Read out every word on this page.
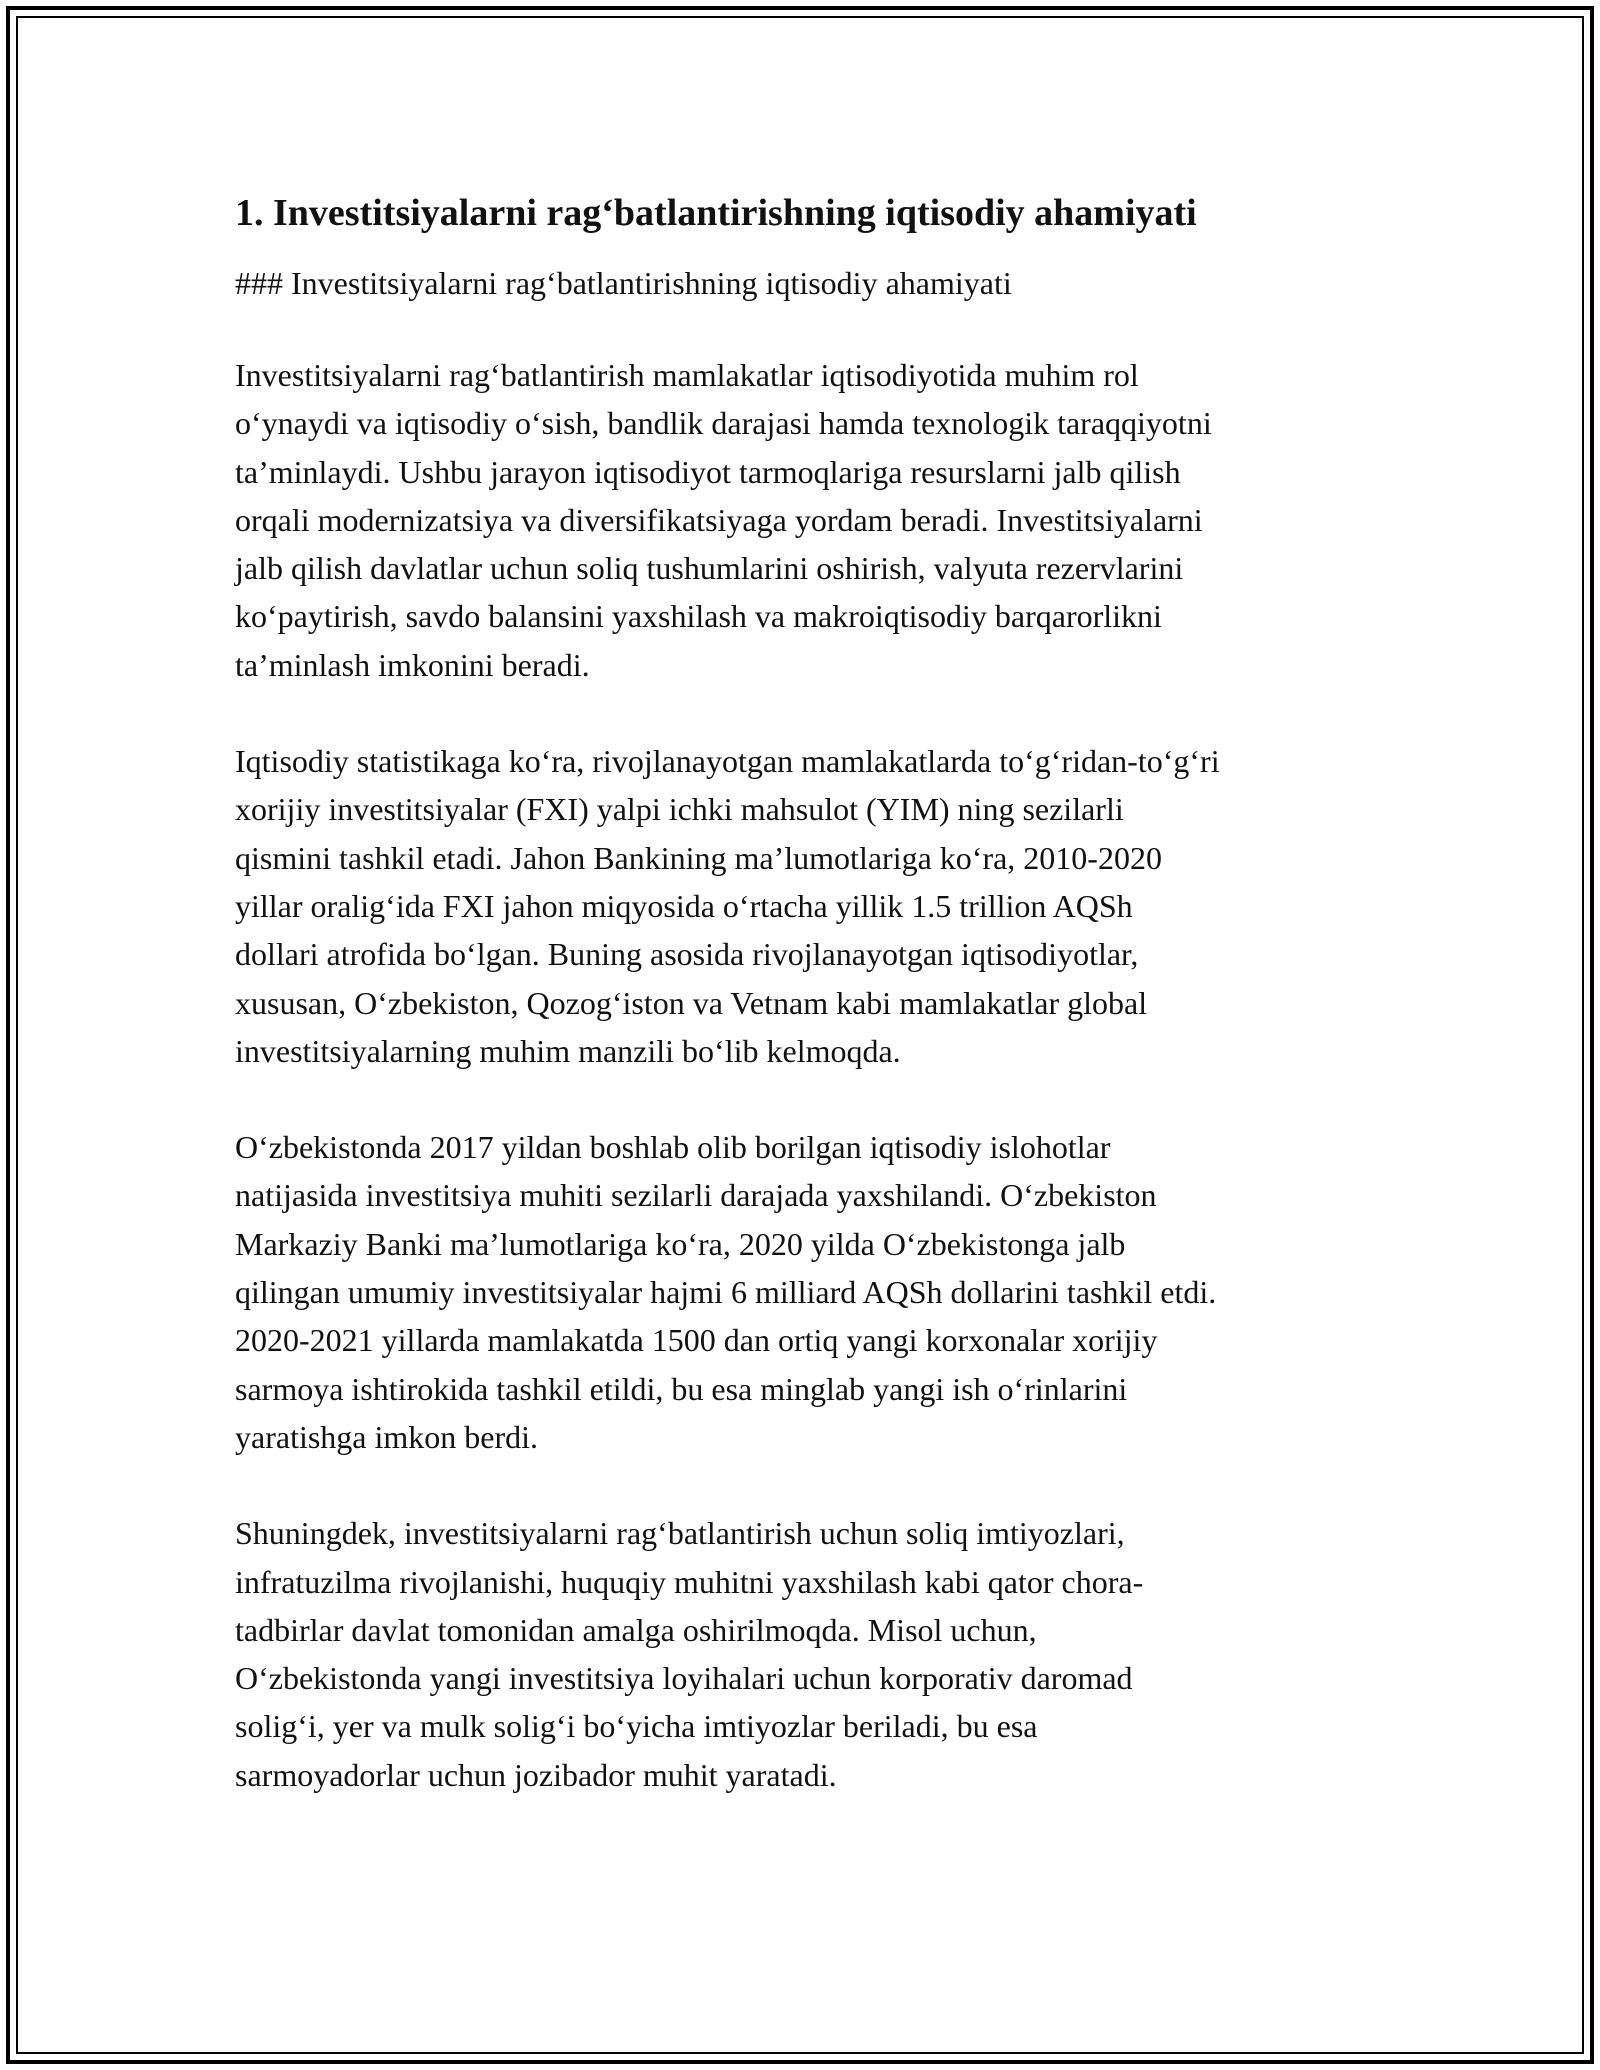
1. Investitsiyalarni rag‘batlantirishning iqtisodiy ahamiyati
### Investitsiyalarni rag‘batlantirishning iqtisodiy ahamiyati

Investitsiyalarni rag‘batlantirish mamlakatlar iqtisodiyotida muhim rol
o‘ynaydi va iqtisodiy o‘sish, bandlik darajasi hamda texnologik taraqqiyotni
ta’minlaydi. Ushbu jarayon iqtisodiyot tarmoqlariga resurslarni jalb qilish
orqali modernizatsiya va diversifikatsiyaga yordam beradi. Investitsiyalarni
jalb qilish davlatlar uchun soliq tushumlarini oshirish, valyuta rezervlarini
ko‘paytirish, savdo balansini yaxshilash va makroiqtisodiy barqarorlikni
ta’minlash imkonini beradi.

Iqtisodiy statistikaga ko‘ra, rivojlanayotgan mamlakatlarda to‘g‘ridan-to‘g‘ri
xorijiy investitsiyalar (FXI) yalpi ichki mahsulot (YIM) ning sezilarli
qismini tashkil etadi. Jahon Bankining ma’lumotlariga ko‘ra, 2010-2020
yillar oralig‘ida FXI jahon miqyosida o‘rtacha yillik 1.5 trillion AQSh
dollari atrofida bo‘lgan. Buning asosida rivojlanayotgan iqtisodiyotlar,
xususan, O‘zbekiston, Qozog‘iston va Vetnam kabi mamlakatlar global
investitsiyalarning muhim manzili bo‘lib kelmoqda.

O‘zbekistonda 2017 yildan boshlab olib borilgan iqtisodiy islohotlar
natijasida investitsiya muhiti sezilarli darajada yaxshilandi. O‘zbekiston
Markaziy Banki ma’lumotlariga ko‘ra, 2020 yilda O‘zbekistonga jalb
qilingan umumiy investitsiyalar hajmi 6 milliard AQSh dollarini tashkil etdi.
2020-2021 yillarda mamlakatda 1500 dan ortiq yangi korxonalar xorijiy
sarmoya ishtirokida tashkil etildi, bu esa minglab yangi ish o‘rinlarini
yaratishga imkon berdi.

Shuningdek, investitsiyalarni rag‘batlantirish uchun soliq imtiyozlari,
infratuzilma rivojlanishi, huquqiy muhitni yaxshilash kabi qator chora-
tadbirlar davlat tomonidan amalga oshirilmoqda. Misol uchun,
O‘zbekistonda yangi investitsiya loyihalari uchun korporativ daromad
solig‘i, yer va mulk solig‘i bo‘yicha imtiyozlar beriladi, bu esa
sarmoyadorlar uchun jozibador muhit yaratadi.
